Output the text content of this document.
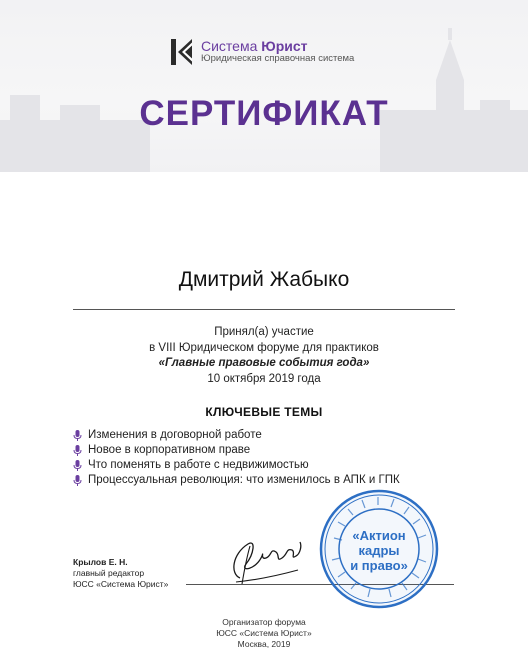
Система Юрист
Юридическая справочная система
СЕРТИФИКАТ
Дмитрий Жабыко
Принял(а) участие
в VIII Юридическом форуме для практиков
«Главные правовые события года»
10 октября 2019 года
КЛЮЧЕВЫЕ ТЕМЫ
Изменения в договорной работе
Новое в корпоративном праве
Что поменять в работе с недвижимостью
Процессуальная революция: что изменилось в АПК и ГПК
Крылов Е. Н.
главный редактор
ЮСС «Система Юрист»
«Актион
кадры
и право»
Организатор форума
ЮСС «Система Юрист»
Москва, 2019
